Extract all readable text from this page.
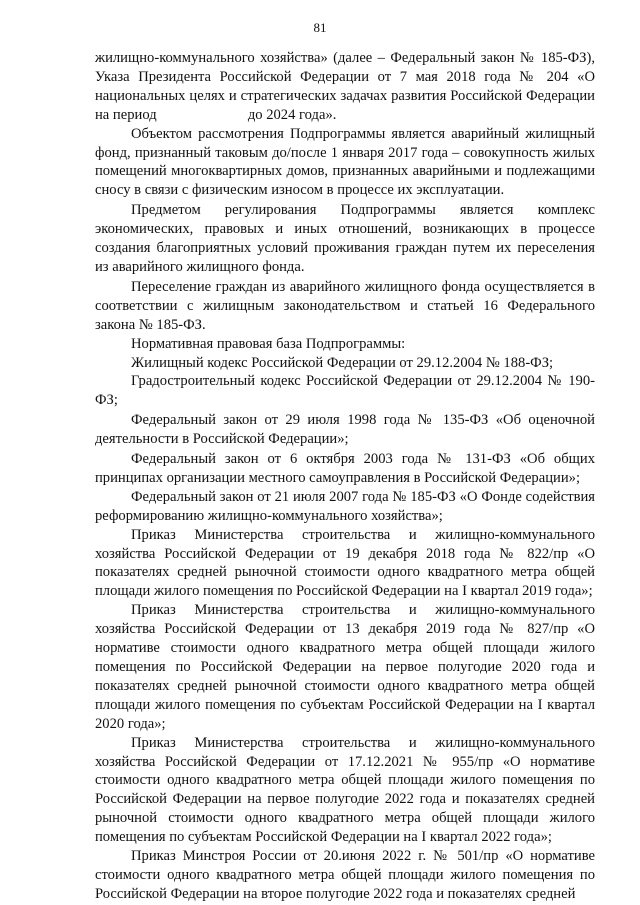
81

жилищно-коммунального хозяйства» (далее – Федеральный закон № 185-ФЗ), Указа Президента Российской Федерации от 7 мая 2018 года № 204 «О национальных целях и стратегических задачах развития Российской Федерации на период                         до 2024 года».

Объектом рассмотрения Подпрограммы является аварийный жилищный фонд, признанный таковым до/после 1 января 2017 года – совокупность жилых помещений многоквартирных домов, признанных аварийными и подлежащими сносу в связи с физическим износом в процессе их эксплуатации.

Предметом регулирования Подпрограммы является комплекс экономических, правовых и иных отношений, возникающих в процессе создания благоприятных условий проживания граждан путем их переселения из аварийного жилищного фонда.

Переселение граждан из аварийного жилищного фонда осуществляется в соответствии с жилищным законодательством и статьей 16 Федерального закона № 185-ФЗ.

Нормативная правовая база Подпрограммы:

Жилищный кодекс Российской Федерации от 29.12.2004 № 188-ФЗ;

Градостроительный кодекс Российской Федерации от 29.12.2004 № 190-ФЗ;

Федеральный закон от 29 июля 1998 года № 135-ФЗ «Об оценочной деятельности в Российской Федерации»;

Федеральный закон от 6 октября 2003 года № 131-ФЗ «Об общих принципах организации местного самоуправления в Российской Федерации»;

Федеральный закон от 21 июля 2007 года № 185-ФЗ «О Фонде содействия реформированию жилищно-коммунального хозяйства»;

Приказ Министерства строительства и жилищно-коммунального хозяйства Российской Федерации от 19 декабря 2018 года № 822/пр «О показателях средней рыночной стоимости одного квадратного метра общей площади жилого помещения по Российской Федерации на I квартал 2019 года»;

Приказ Министерства строительства и жилищно-коммунального хозяйства Российской Федерации от 13 декабря 2019 года № 827/пр «О нормативе стоимости одного квадратного метра общей площади жилого помещения по Российской Федерации на первое полугодие 2020 года и показателях средней рыночной стоимости одного квадратного метра общей площади жилого помещения по субъектам Российской Федерации на I квартал 2020 года»;

Приказ Министерства строительства и жилищно-коммунального хозяйства Российской Федерации от 17.12.2021 № 955/пр «О нормативе стоимости одного квадратного метра общей площади жилого помещения по Российской Федерации на первое полугодие 2022 года и показателях средней рыночной стоимости одного квадратного метра общей площади жилого помещения по субъектам Российской Федерации на I квартал 2022 года»;

Приказ Минстроя России от 20.июня 2022 г. № 501/пр «О нормативе стоимости одного квадратного метра общей площади жилого помещения по Российской Федерации на второе полугодие 2022 года и показателях средней
